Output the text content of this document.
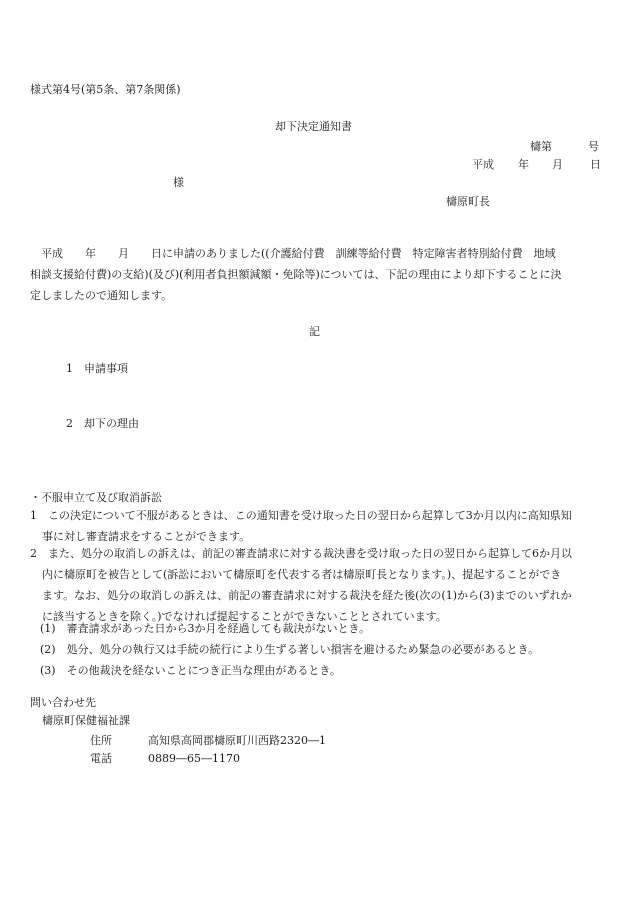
様式第4号(第5条、第7条関係)
却下決定通知書
檮第	号
平成 年 月 日
様
檮原町長
　平成　　年　　月　　日に申請のありました((介護給付費　訓練等給付費　特定障害者特別給付費　地域
相談支援給付費)の支給)(及び)(利用者負担額減額・免除等)については、下記の理由により却下することに決
定しましたので通知します。
記
1 申請事項
2 却下の理由
・不服申立て及び取消訴訟
1　この決定について不服があるときは、この通知書を受け取った日の翌日から起算して3か月以内に高知県知
事に対し審査請求をすることができます。
2　また、処分の取消しの訴えは、前記の審査請求に対する裁決書を受け取った日の翌日から起算して6か月以
内に檮原町を被告として(訴訟において檮原町を代表する者は檮原町長となります。)、提起することができ
ます。なお、処分の取消しの訴えは、前記の審査請求に対する裁決を経た後(次の(1)から(3)までのいずれか
に該当するときを除く。)でなければ提起することができないこととされています。
(1)　審査請求があった日から3か月を経過しても裁決がないとき。
(2)　処分、処分の執行又は手続の続行により生ずる著しい損害を避けるため緊急の必要があるとき。
(3)　その他裁決を経ないことにつき正当な理由があるとき。
問い合わせ先
檮原町保健福祉課
住所	高知県高岡郡檮原町川西路2320―1
電話	0889―65―1170
